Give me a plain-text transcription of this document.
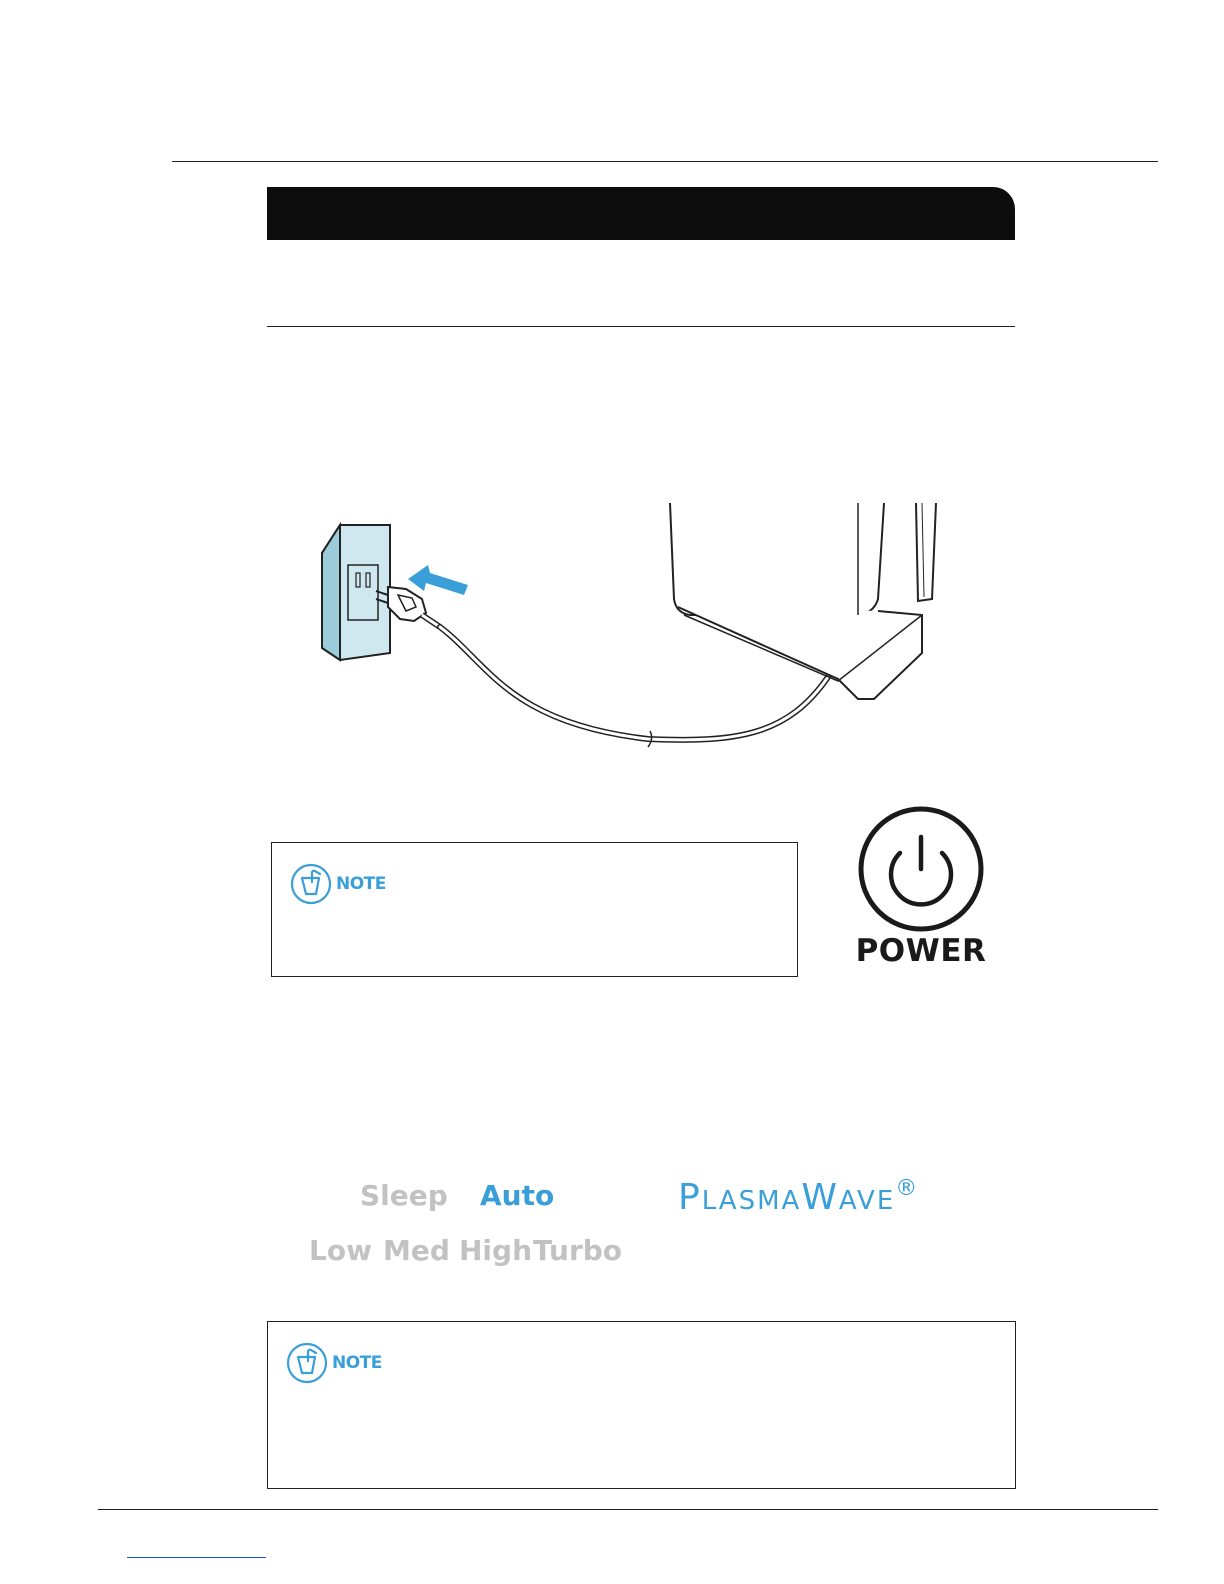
NOTE
POWER
Sleep Auto
Low Med High Turbo
PLASMAWAVE®
NOTE
